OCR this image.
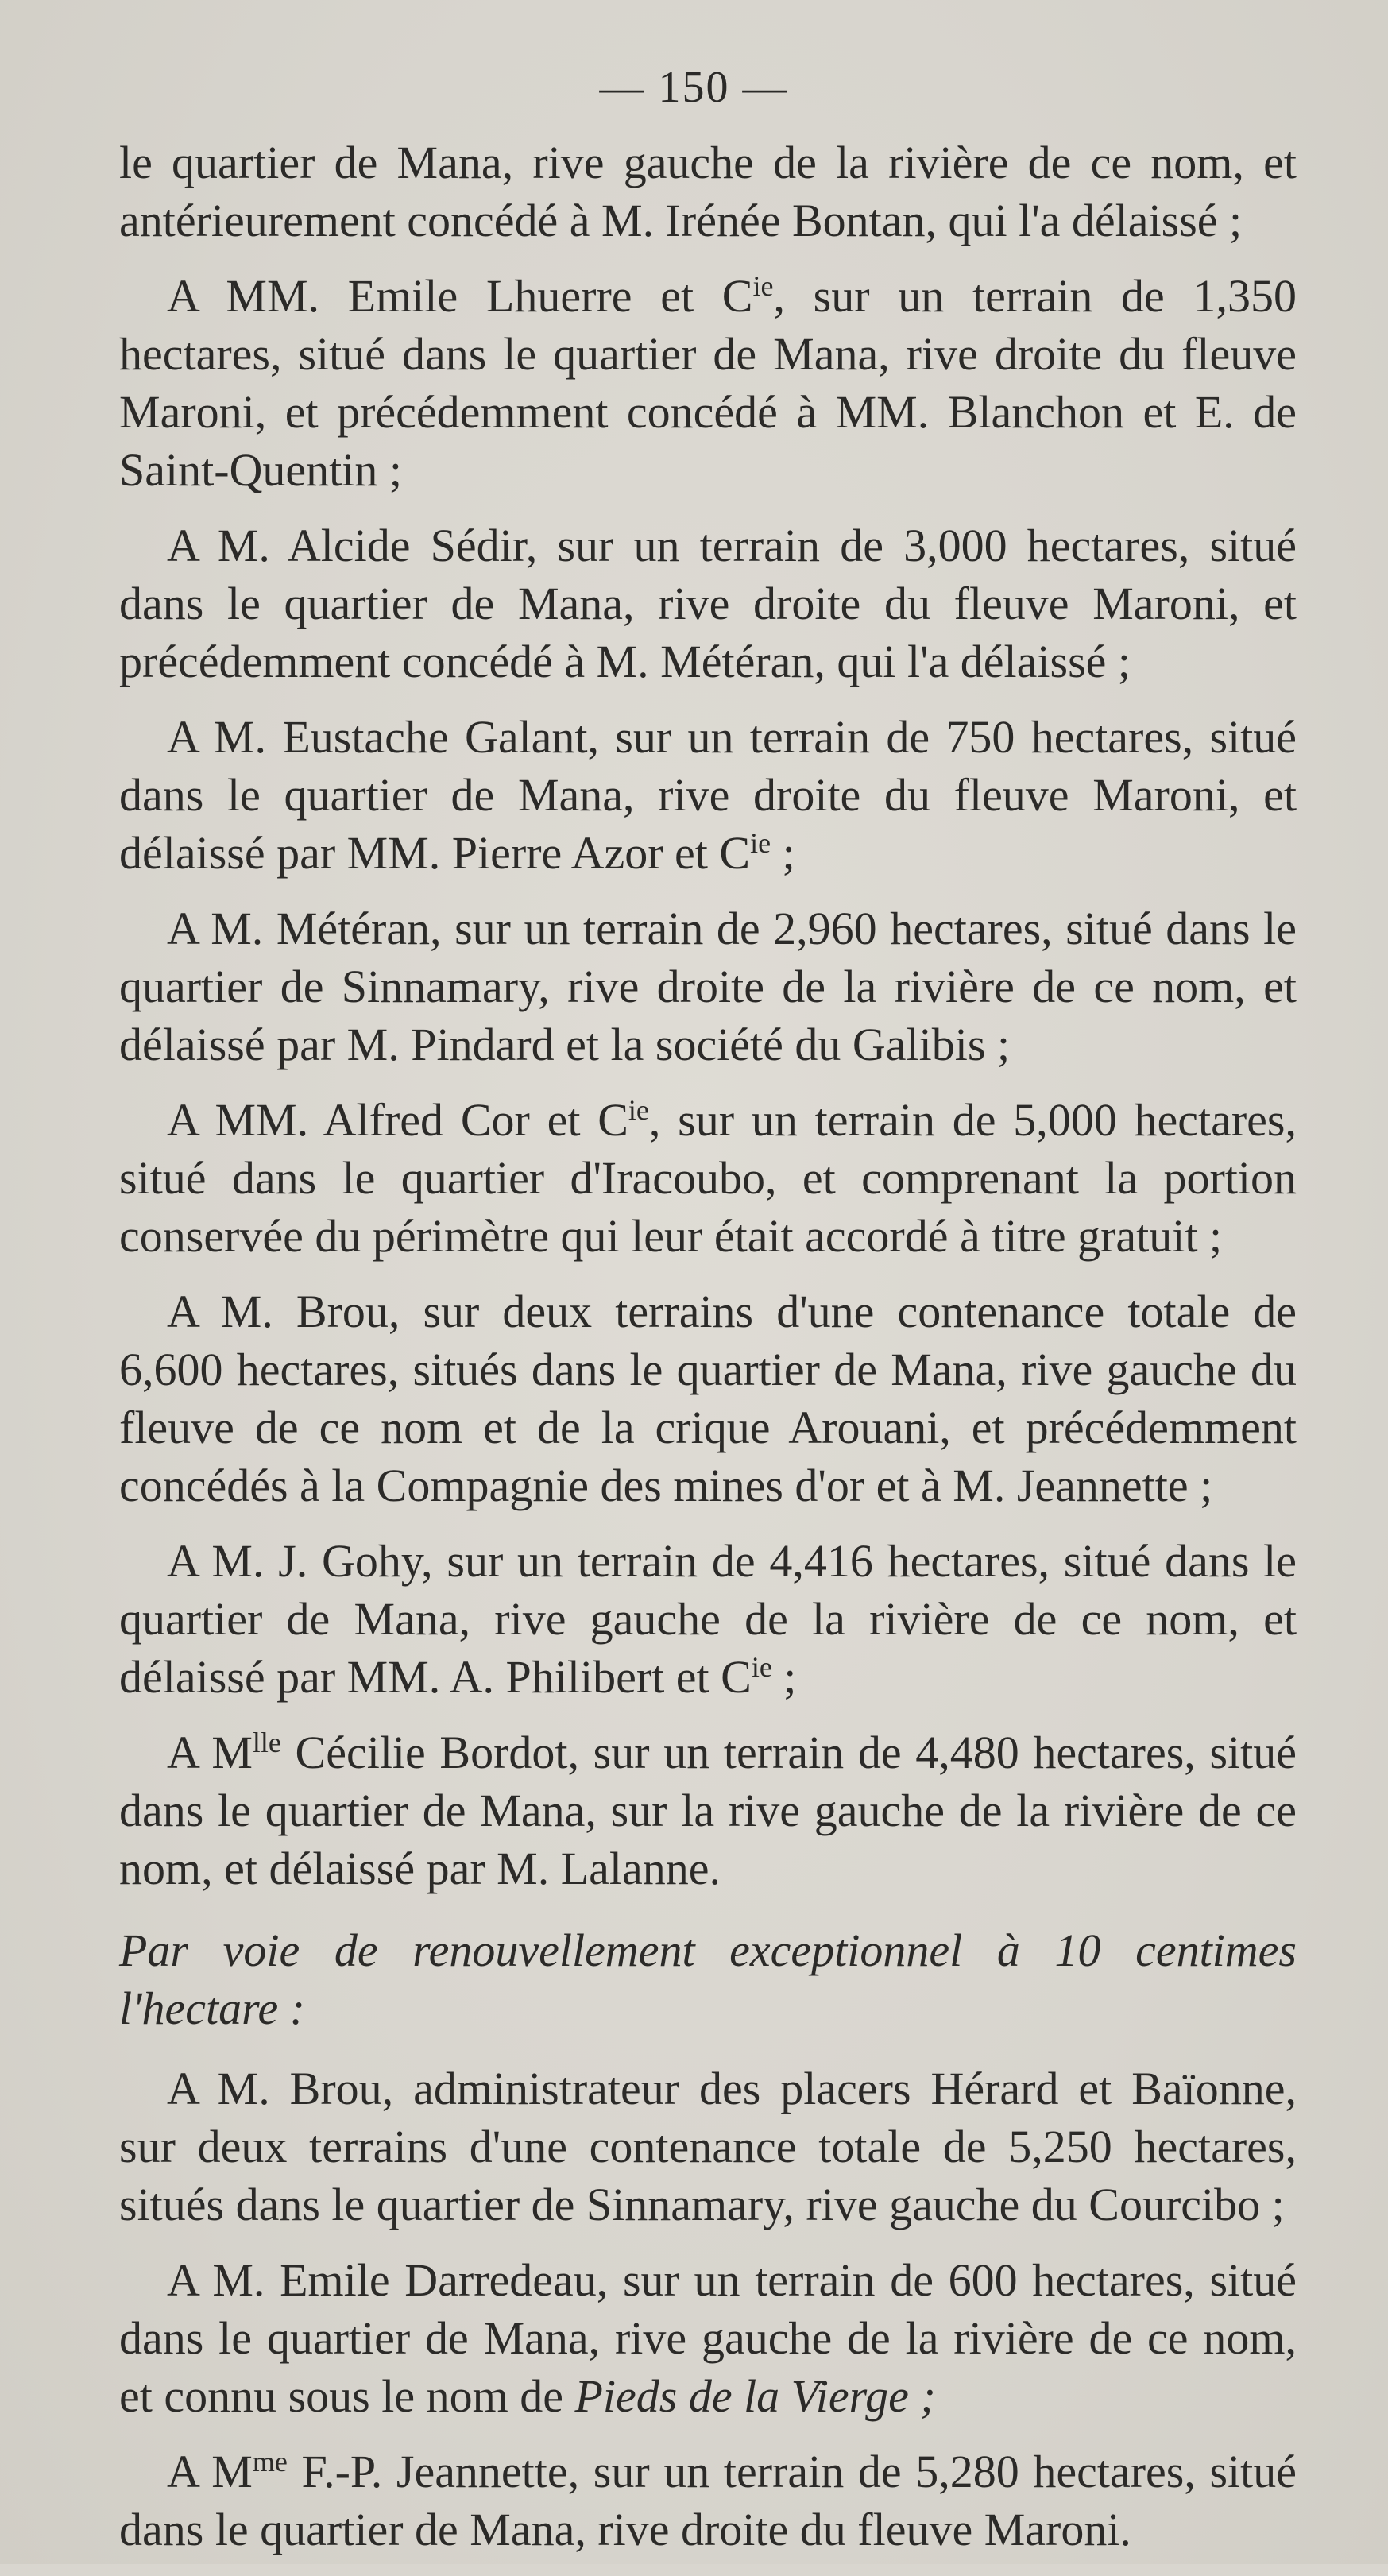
— 150 —

le quartier de Mana, rive gauche de la rivière de ce nom, et antérieurement concédé à M. Irénée Bontan, qui l'a délaissé ;

A MM. Emile Lhuerre et $C^{ie}$, sur un terrain de 1,350 hectares, situé dans le quartier de Mana, rive droite du fleuve Maroni, et précédemment concédé à MM. Blanchon et E. de Saint-Quentin ;

A M. Alcide Sédir, sur un terrain de 3,000 hectares, situé dans le quartier de Mana, rive droite du fleuve Maroni, et précédemment concédé à M. Météran, qui l'a délaissé ;

A M. Eustache Galant, sur un terrain de 750 hectares, situé dans le quartier de Mana, rive droite du fleuve Maroni, et délaissé par MM. Pierre Azor et $C^{ie}$ ;

A M. Météran, sur un terrain de 2,960 hectares, situé dans le quartier de Sinnamary, rive droite de la rivière de ce nom, et délaissé par M. Pindard et la société du Galibis ;

A MM. Alfred Cor et $C^{ie}$, sur un terrain de 5,000 hectares, situé dans le quartier d'Iracoubo, et comprenant la portion conservée du périmètre qui leur était accordé à titre gratuit ;

A M. Brou, sur deux terrains d'une contenance totale de 6,600 hectares, situés dans le quartier de Mana, rive gauche du fleuve de ce nom et de la crique Arouani, et précédemment concédés à la Compagnie des mines d'or et à M. Jeannette ;

A M. J. Gohy, sur un terrain de 4,416 hectares, situé dans le quartier de Mana, rive gauche de la rivière de ce nom, et délaissé par MM. A. Philibert et $C^{ie}$ ;

A $M^{lle}$ Cécilie Bordot, sur un terrain de 4,480 hectares, situé dans le quartier de Mana, sur la rive gauche de la rivière de ce nom, et délaissé par M. Lalanne.

Par voie de renouvellement exceptionnel à 10 centimes l'hectare :

A M. Brou, administrateur des placers Hérard et Baïonne, sur deux terrains d'une contenance totale de 5,250 hectares, situés dans le quartier de Sinnamary, rive gauche du Courcibo ;

A M. Emile Darredeau, sur un terrain de 600 hectares, situé dans le quartier de Mana, rive gauche de la rivière de ce nom, et connu sous le nom de Pieds de la Vierge ;

A $M^{me}$ F.-P. Jeannette, sur un terrain de 5,280 hectares, situé dans le quartier de Mana, rive droite du fleuve Maroni.
